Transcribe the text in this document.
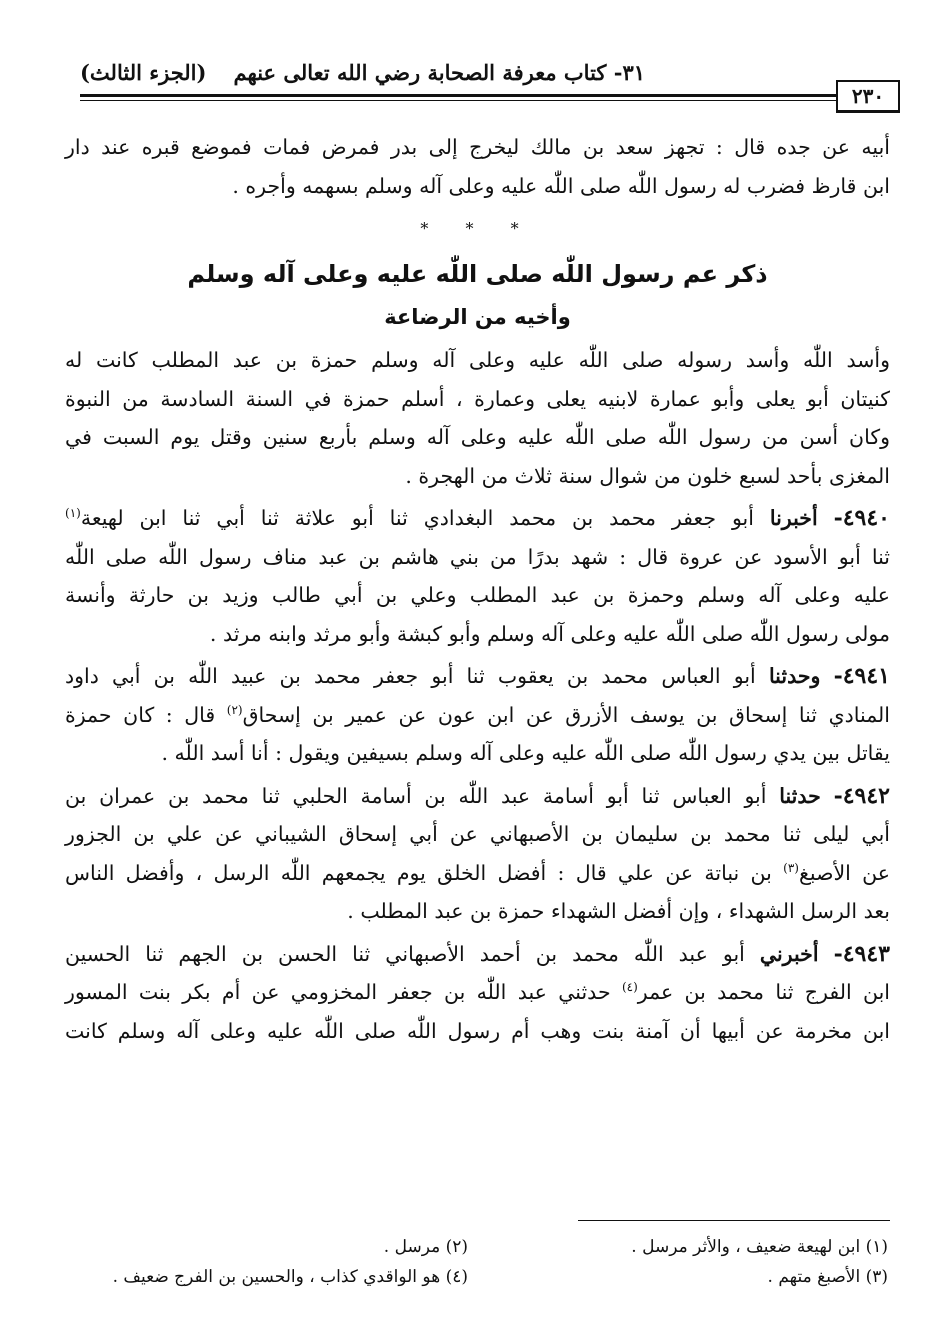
٣١- كتاب معرفة الصحابة رضي الله تعالى عنهم
(الجزء الثالث)
٢٣٠

أبيه عن جده قال : تجهز سعد بن مالك ليخرج إلى بدر فمرض فمات فموضع قبره عند دار

ابن قارظ فضرب له رسول اللّٰه صلى اللّٰه عليه وعلى آله وسلم بسهمه وأجره .

* * *
ذكر عم رسول اللّٰه صلى اللّٰه عليه وعلى آله وسلم
وأخيه من الرضاعة

وأسد اللّٰه وأسد رسوله صلى اللّٰه عليه وعلى آله وسلم حمزة بن عبد المطلب كانت له

كنيتان أبو يعلى وأبو عمارة لابنيه يعلى وعمارة ، أسلم حمزة في السنة السادسة من النبوة

وكان أسن من رسول اللّٰه صلى اللّٰه عليه وعلى آله وسلم بأربع سنين وقتل يوم السبت في

المغزى بأحد لسبع خلون من شوال سنة ثلاث من الهجرة .

٤٩٤٠- أخبرنا أبو جعفر محمد بن محمد البغدادي ثنا أبو علاثة ثنا أبي ثنا ابن لهيعة$^{(١)}$

ثنا أبو الأسود عن عروة قال : شهد بدرًا من بني هاشم بن عبد مناف رسول اللّٰه صلى اللّٰه

عليه وعلى آله وسلم وحمزة بن عبد المطلب وعلي بن أبي طالب وزيد بن حارثة وأنسة

مولى رسول اللّٰه صلى اللّٰه عليه وعلى آله وسلم وأبو كبشة وأبو مرثد وابنه مرثد .

٤٩٤١- وحدثنا أبو العباس محمد بن يعقوب ثنا أبو جعفر محمد بن عبيد اللّٰه بن أبي داود

المنادي ثنا إسحاق بن يوسف الأزرق عن ابن عون عن عمير بن إسحاق$^{(٢)}$ قال : كان حمزة

يقاتل بين يدي رسول اللّٰه صلى اللّٰه عليه وعلى آله وسلم بسيفين ويقول : أنا أسد اللّٰه .

٤٩٤٢- حدثنا أبو العباس ثنا أبو أسامة عبد اللّٰه بن أسامة الحلبي ثنا محمد بن عمران بن

أبي ليلى ثنا محمد بن سليمان بن الأصبهاني عن أبي إسحاق الشيباني عن علي بن الجزور

عن الأصبغ$^{(٣)}$ بن نباتة عن علي قال : أفضل الخلق يوم يجمعهم اللّٰه الرسل ، وأفضل الناس

بعد الرسل الشهداء ، وإن أفضل الشهداء حمزة بن عبد المطلب .

٤٩٤٣- أخبرني أبو عبد اللّٰه محمد بن أحمد الأصبهاني ثنا الحسن بن الجهم ثنا الحسين

ابن الفرج ثنا محمد بن عمر$^{(٤)}$ حدثني عبد اللّٰه بن جعفر المخزومي عن أم بكر بنت المسور

ابن مخرمة عن أبيها أن آمنة بنت وهب أم رسول اللّٰه صلى اللّٰه عليه وعلى آله وسلم كانت

(١) ابن لهيعة ضعيف ، والأثر مرسل .
(٢) مرسل .
(٣) الأصبغ متهم .
(٤) هو الواقدي كذاب ، والحسين بن الفرج ضعيف .
